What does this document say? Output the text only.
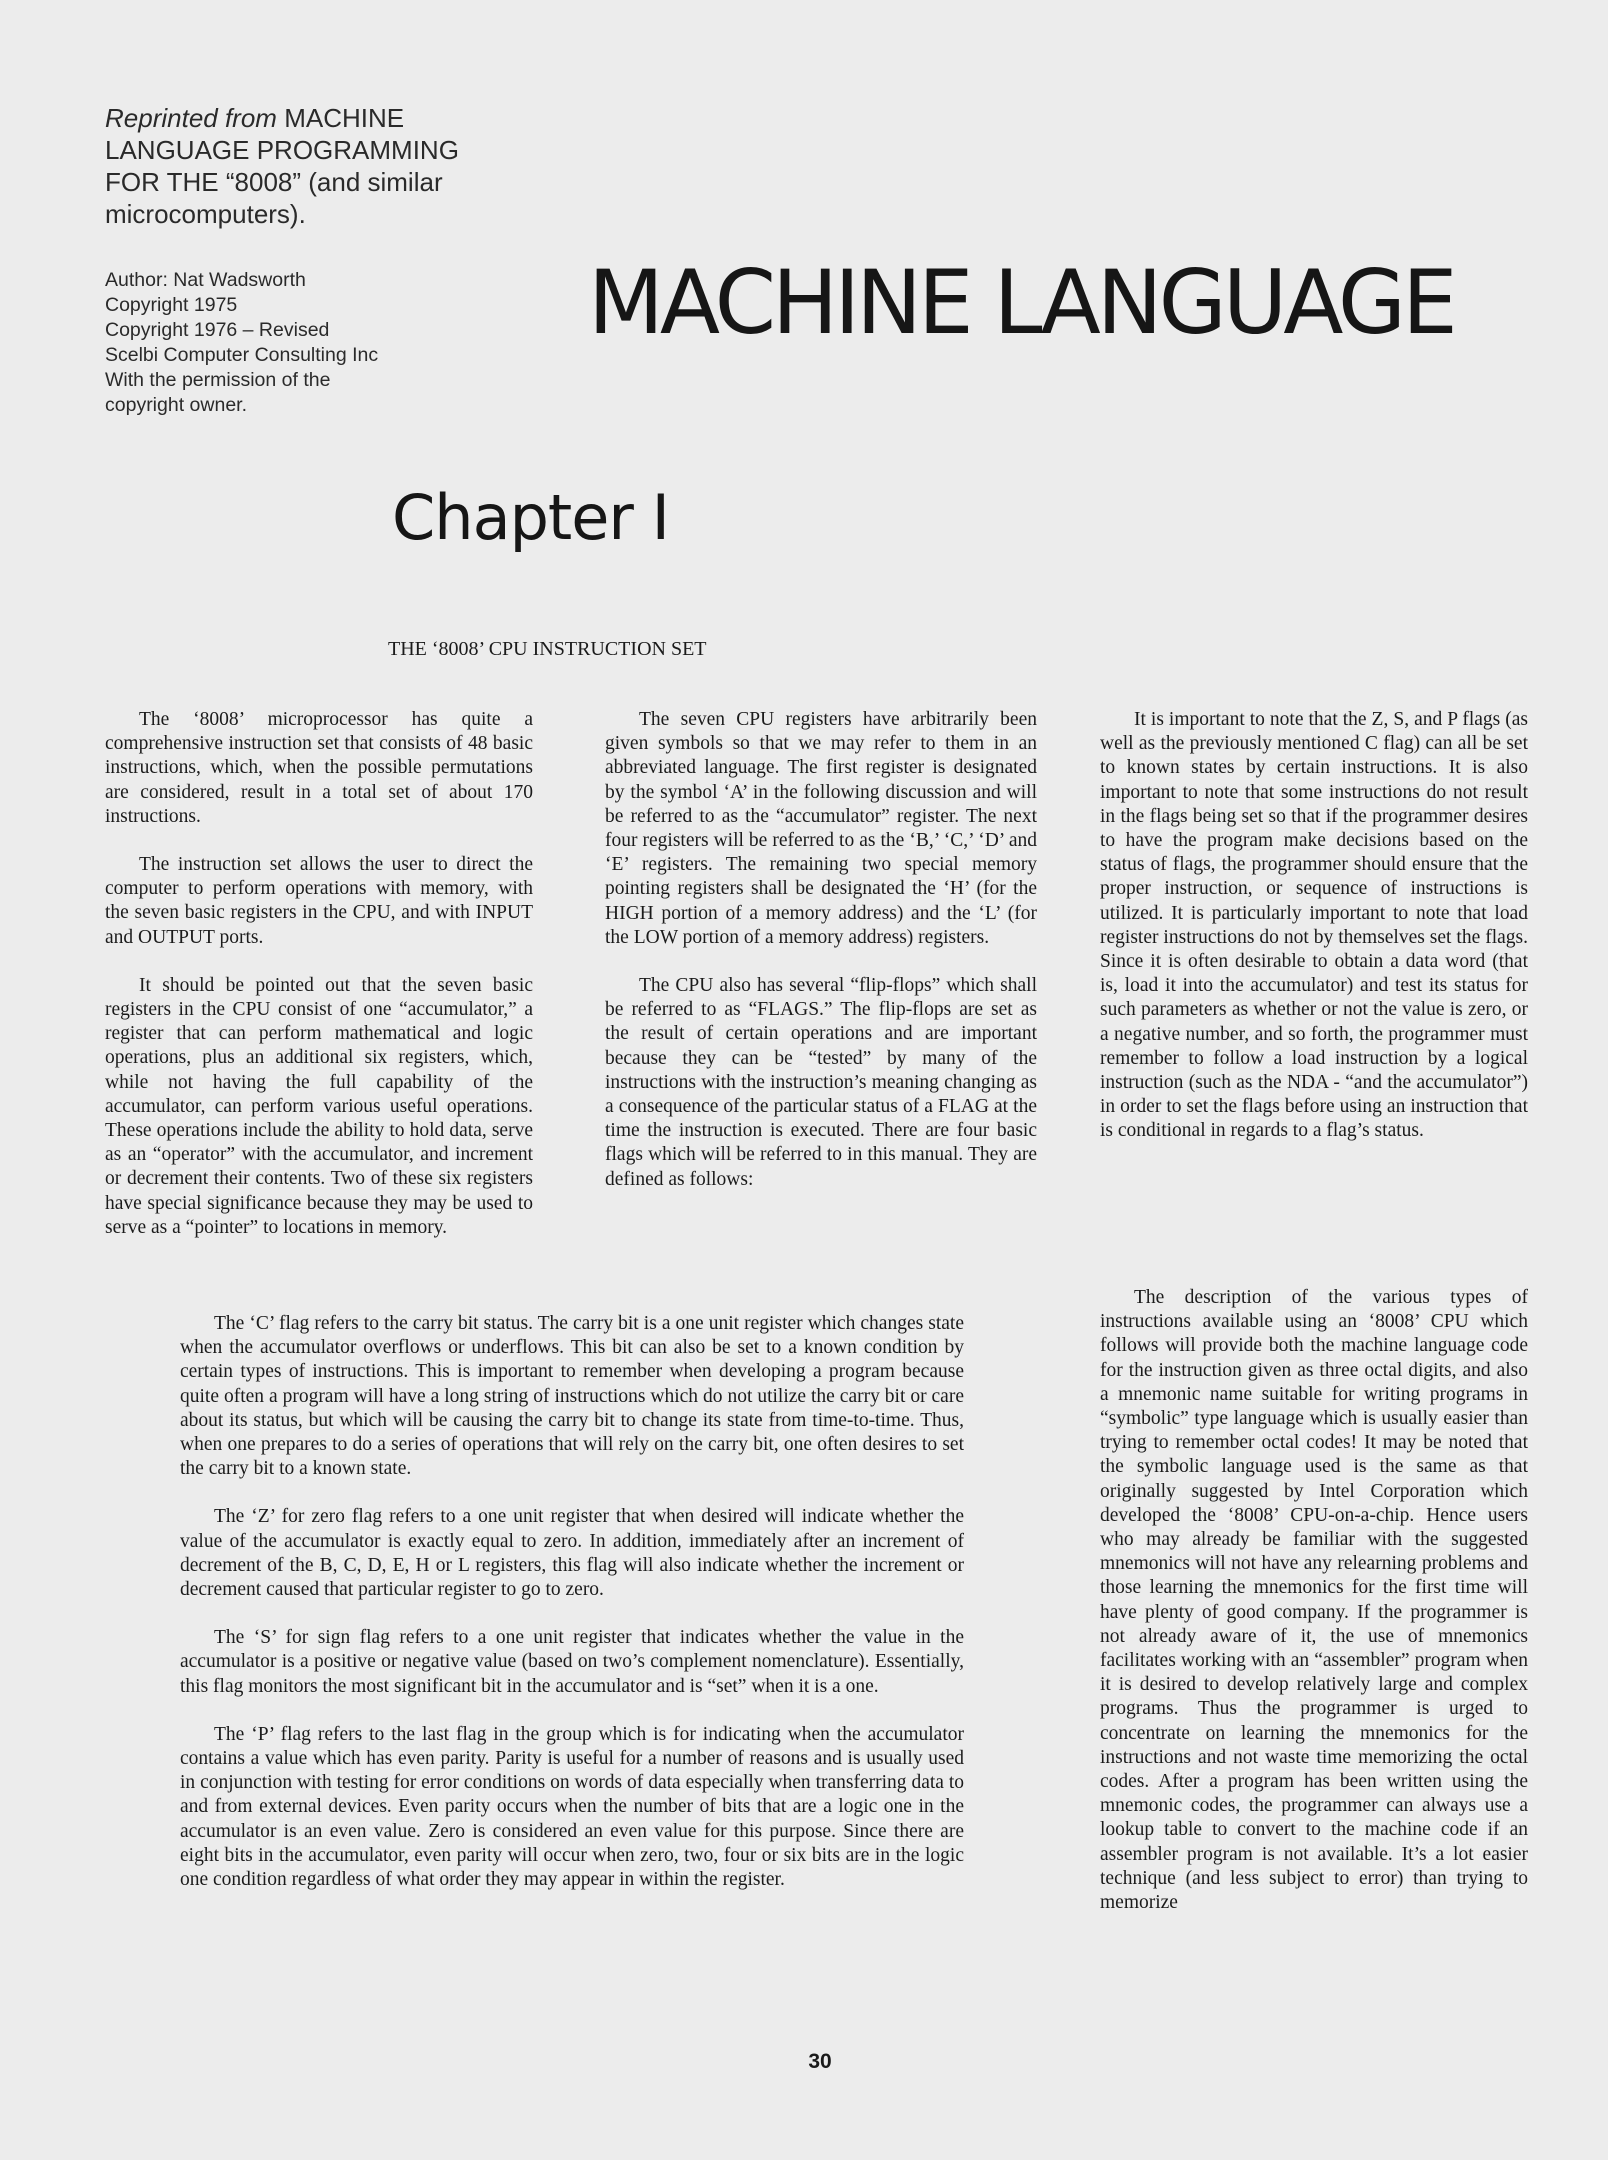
Reprinted from MACHINE LANGUAGE PROGRAMMING FOR THE “8008” (and similar microcomputers).
Author: Nat Wadsworth
Copyright 1975
Copyright 1976 – Revised
Scelbi Computer Consulting Inc
With the permission of the
copyright owner.
MACHINE LANGUAGE
Chapter I
THE ‘8008’ CPU INSTRUCTION SET

The ‘8008’ microprocessor has quite a comprehensive instruction set that consists of 48 basic instructions, which, when the possible permutations are considered, result in a total set of about 170 instructions.

The instruction set allows the user to direct the computer to perform operations with memory, with the seven basic registers in the CPU, and with INPUT and OUTPUT ports.

It should be pointed out that the seven basic registers in the CPU consist of one “accumulator,” a register that can perform mathematical and logic operations, plus an additional six registers, which, while not having the full capability of the accumulator, can perform various useful operations. These operations include the ability to hold data, serve as an “operator” with the accumulator, and increment or decrement their contents. Two of these six registers have special significance because they may be used to serve as a “pointer” to locations in memory.

The seven CPU registers have arbitrarily been given symbols so that we may refer to them in an abbreviated language. The first register is designated by the symbol ‘A’ in the following discussion and will be referred to as the “accumulator” register. The next four registers will be referred to as the ‘B,’ ‘C,’ ‘D’ and ‘E’ registers. The remaining two special memory pointing registers shall be designated the ‘H’ (for the HIGH portion of a memory address) and the ‘L’ (for the LOW portion of a memory address) registers.

The CPU also has several “flip-flops” which shall be referred to as “FLAGS.” The flip-flops are set as the result of certain operations and are important because they can be “tested” by many of the instructions with the instruction’s meaning changing as a consequence of the particular status of a FLAG at the time the instruction is executed. There are four basic flags which will be referred to in this manual. They are defined as follows:

It is important to note that the Z, S, and P flags (as well as the previously mentioned C flag) can all be set to known states by certain instructions. It is also important to note that some instructions do not result in the flags being set so that if the programmer desires to have the program make decisions based on the status of flags, the programmer should ensure that the proper instruction, or sequence of instructions is utilized. It is particularly important to note that load register instructions do not by themselves set the flags. Since it is often desirable to obtain a data word (that is, load it into the accumulator) and test its status for such parameters as whether or not the value is zero, or a negative number, and so forth, the programmer must remember to follow a load instruction by a logical instruction (such as the NDA - “and the accumulator”) in order to set the flags before using an instruction that is conditional in regards to a flag’s status.

The ‘C’ flag refers to the carry bit status. The carry bit is a one unit register which changes state when the accumulator overflows or underflows. This bit can also be set to a known condition by certain types of instructions. This is important to remember when developing a program because quite often a program will have a long string of instructions which do not utilize the carry bit or care about its status, but which will be causing the carry bit to change its state from time-to-time. Thus, when one prepares to do a series of operations that will rely on the carry bit, one often desires to set the carry bit to a known state.

The ‘Z’ for zero flag refers to a one unit register that when desired will indicate whether the value of the accumulator is exactly equal to zero. In addition, immediately after an increment of decrement of the B, C, D, E, H or L registers, this flag will also indicate whether the increment or decrement caused that particular register to go to zero.

The ‘S’ for sign flag refers to a one unit register that indicates whether the value in the accumulator is a positive or negative value (based on two’s complement nomenclature). Essentially, this flag monitors the most significant bit in the accumulator and is “set” when it is a one.

The ‘P’ flag refers to the last flag in the group which is for indicating when the accumulator contains a value which has even parity. Parity is useful for a number of reasons and is usually used in conjunction with testing for error conditions on words of data especially when transferring data to and from external devices. Even parity occurs when the number of bits that are a logic one in the accumulator is an even value. Zero is considered an even value for this purpose. Since there are eight bits in the accumulator, even parity will occur when zero, two, four or six bits are in the logic one condition regardless of what order they may appear in within the register.

The description of the various types of instructions available using an ‘8008’ CPU which follows will provide both the machine language code for the instruction given as three octal digits, and also a mnemonic name suitable for writing programs in “symbolic” type language which is usually easier than trying to remember octal codes! It may be noted that the symbolic language used is the same as that originally suggested by Intel Corporation which developed the ‘8008’ CPU-on-a-chip. Hence users who may already be familiar with the suggested mnemonics will not have any relearning problems and those learning the mnemonics for the first time will have plenty of good company. If the programmer is not already aware of it, the use of mnemonics facilitates working with an “assembler” program when it is desired to develop relatively large and complex programs. Thus the programmer is urged to concentrate on learning the mnemonics for the instructions and not waste time memorizing the octal codes. After a program has been written using the mnemonic codes, the programmer can always use a lookup table to convert to the machine code if an assembler program is not available. It’s a lot easier technique (and less subject to error) than trying to memorize

30
